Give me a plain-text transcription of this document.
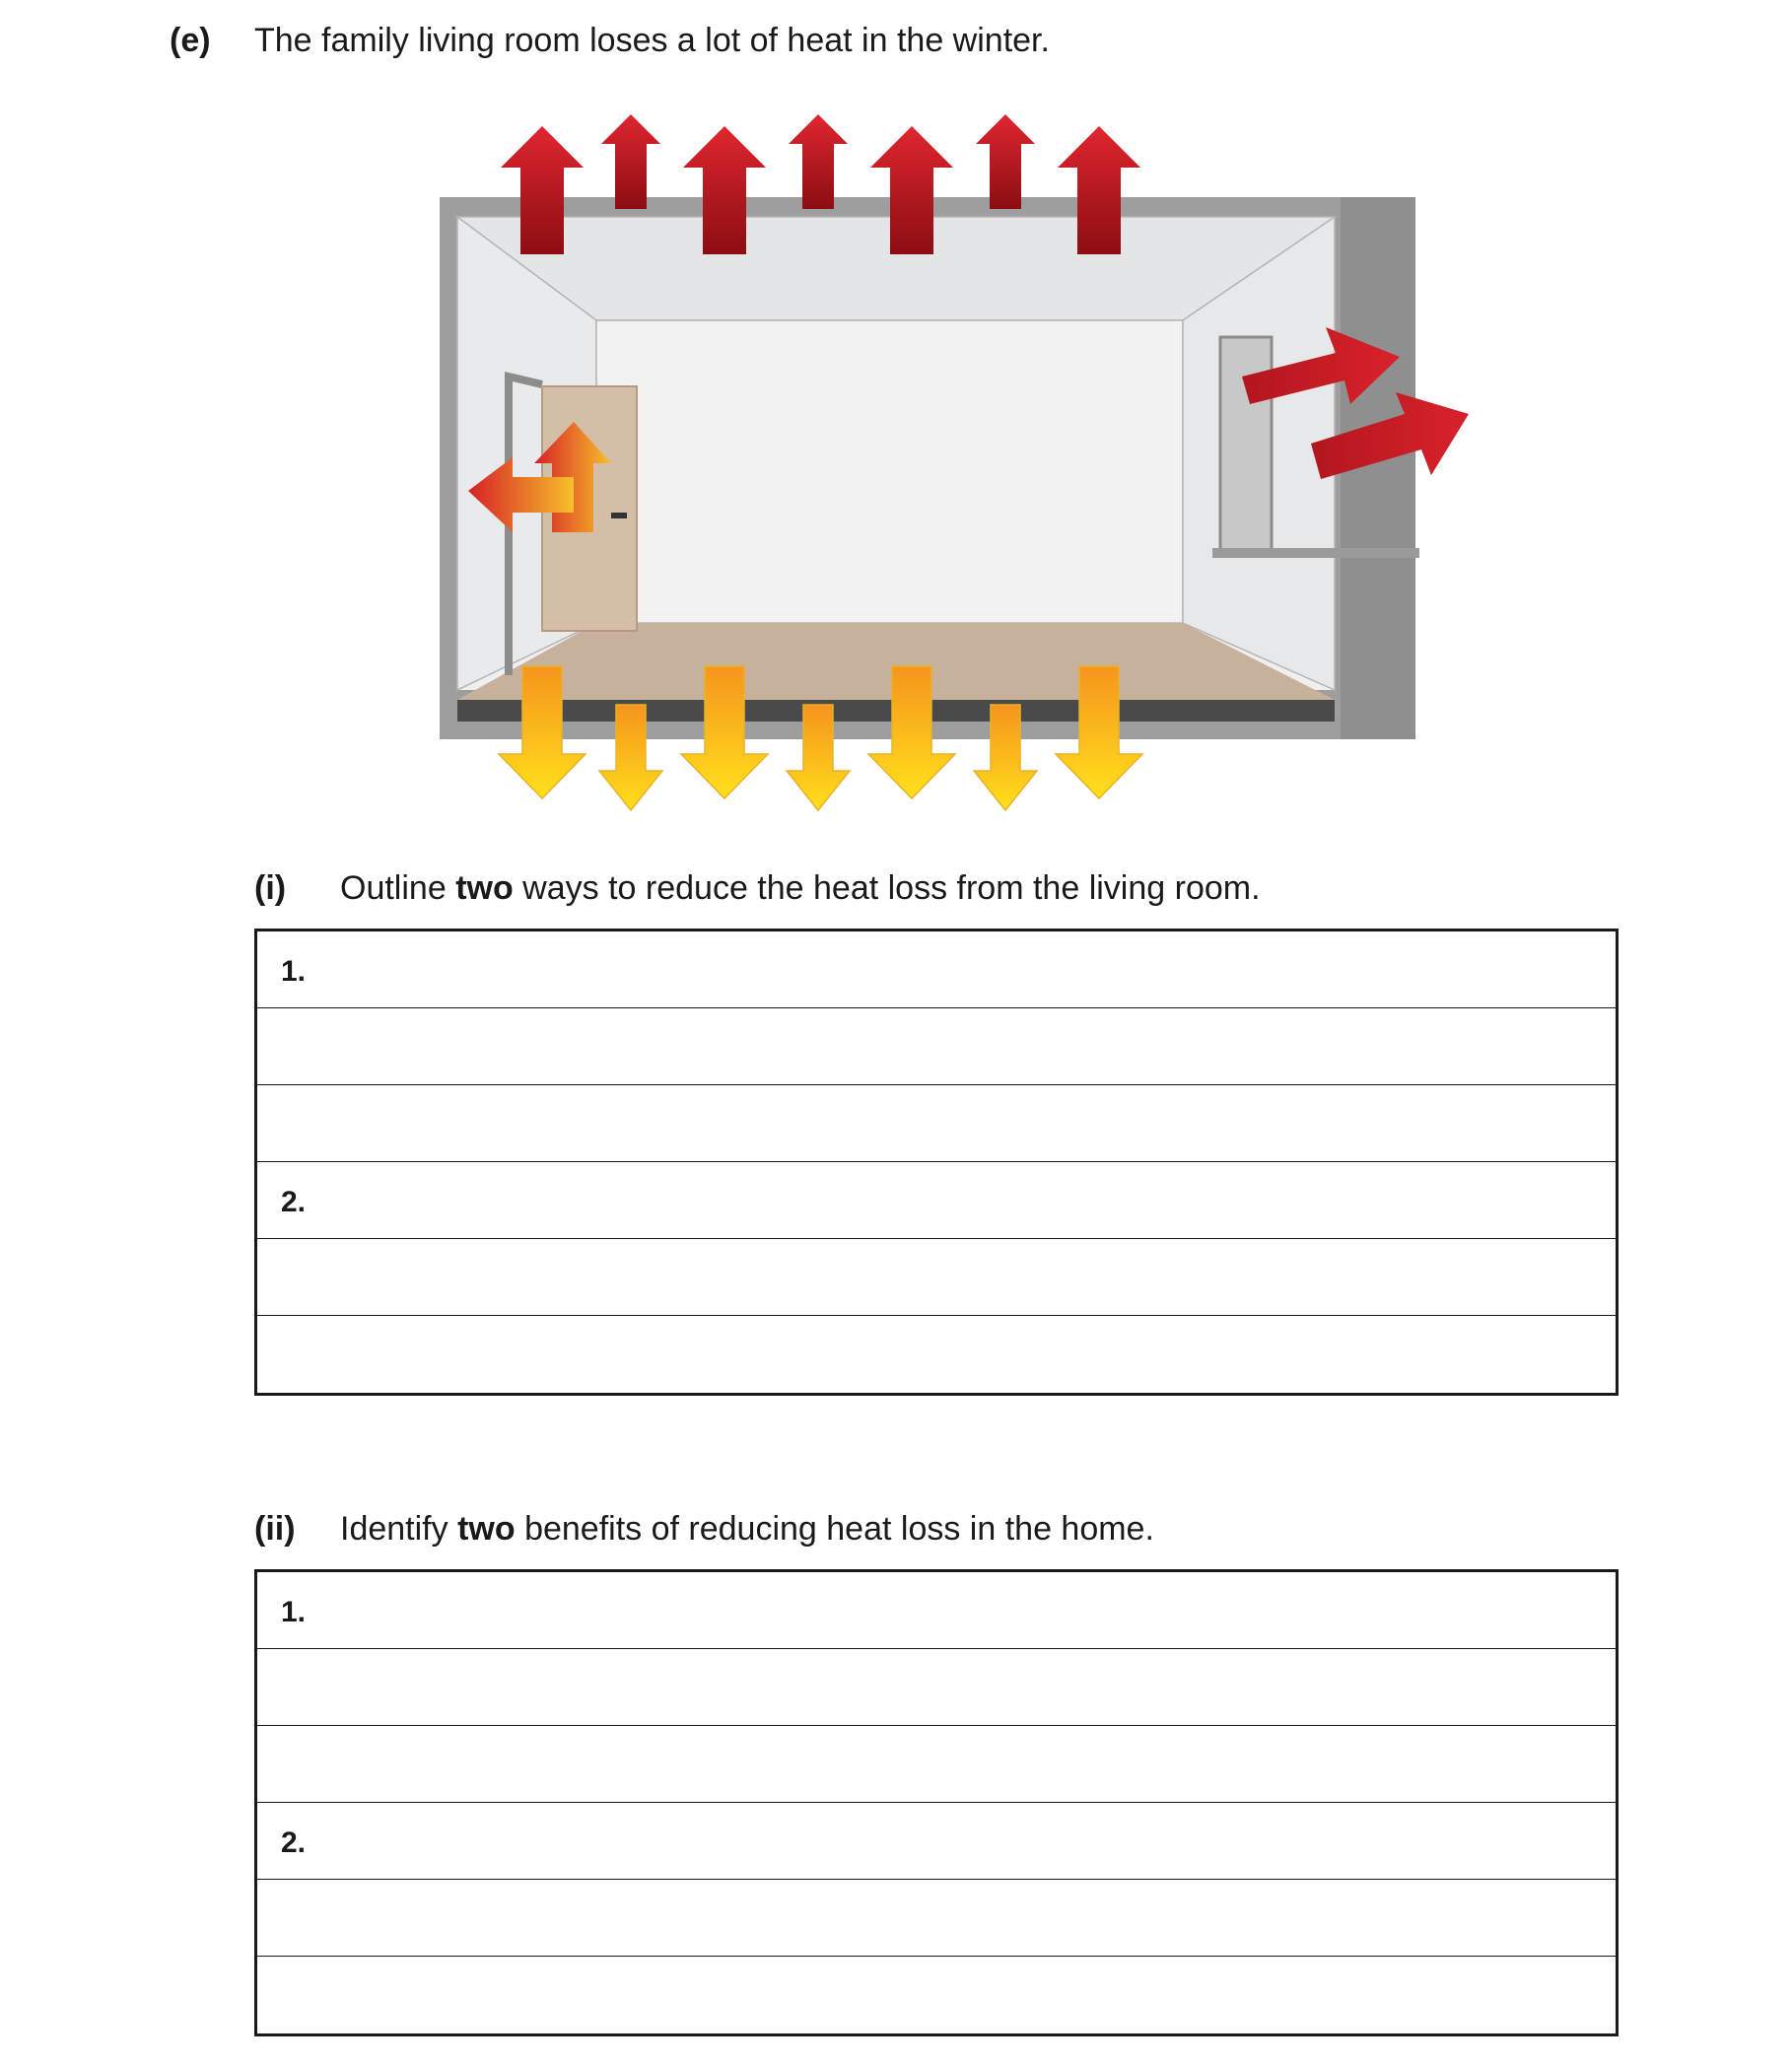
(e) The family living room loses a lot of heat in the winter.
(i) Outline two ways to reduce the heat loss from the living room.
1.
2.
(ii) Identify two benefits of reducing heat loss in the home.
1.
2.
